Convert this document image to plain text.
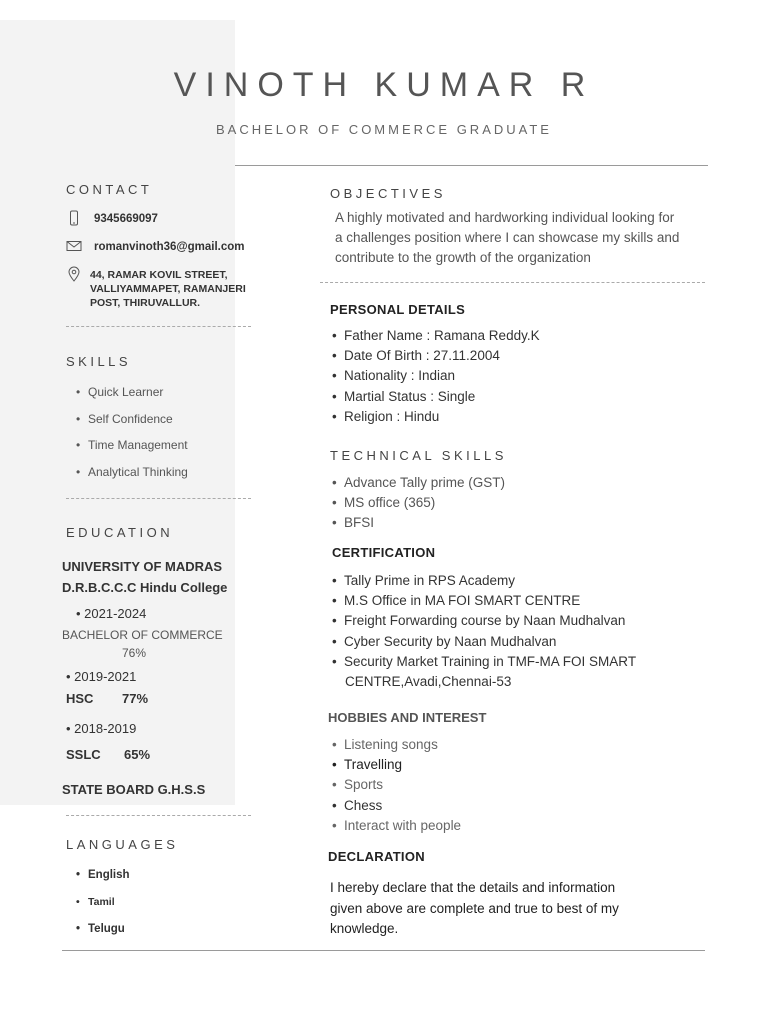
VINOTH KUMAR R
BACHELOR OF COMMERCE GRADUATE
CONTACT
9345669097
romanvinoth36@gmail.com
44, RAMAR KOVIL STREET,
VALLIYAMMAPET, RAMANJERI
POST, THIRUVALLUR.
SKILLS
• Quick Learner
• Self Confidence
• Time Management
• Analytical Thinking
EDUCATION
UNIVERSITY OF MADRAS
D.R.B.C.C.C Hindu College
• 2021-2024
BACHELOR OF COMMERCE
76%
• 2019-2021
HSC 77%
• 2018-2019
SSLC 65%
STATE BOARD G.H.S.S
LANGUAGES
• English
• Tamil
• Telugu
OBJECTIVES
A highly motivated and hardworking individual looking for
a challenges position where I can showcase my skills and
contribute to the growth of the organization
PERSONAL DETAILS
• Father Name : Ramana Reddy.K
• Date Of Birth : 27.11.2004
• Nationality : Indian
• Martial Status : Single
• Religion : Hindu
TECHNICAL SKILLS
• Advance Tally prime (GST)
• MS office (365)
• BFSI
CERTIFICATION
• Tally Prime in RPS Academy
• M.S Office in MA FOI SMART CENTRE
• Freight Forwarding course by Naan Mudhalvan
• Cyber Security by Naan Mudhalvan
• Security Market Training in TMF-MA FOI SMART
CENTRE,Avadi,Chennai-53
HOBBIES AND INTEREST
• Listening songs
• Travelling
• Sports
• Chess
• Interact with people
DECLARATION
I hereby declare that the details and information
given above are complete and true to best of my
knowledge.
